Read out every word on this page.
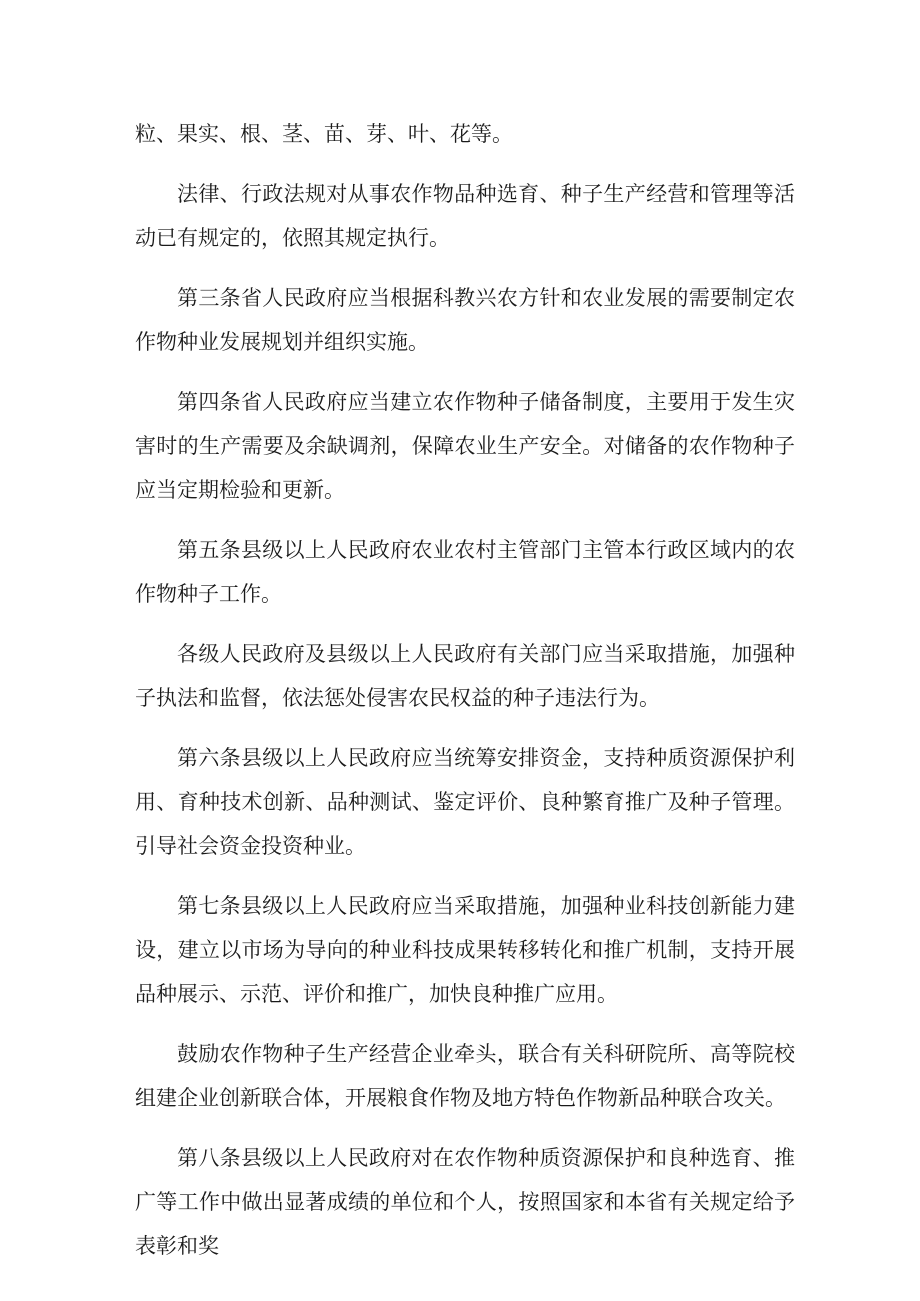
粒、果实、根、茎、苗、芽、叶、花等。

法律、行政法规对从事农作物品种选育、种子生产经营和管理等活动已有规定的，依照其规定执行。

第三条省人民政府应当根据科教兴农方针和农业发展的需要制定农作物种业发展规划并组织实施。

第四条省人民政府应当建立农作物种子储备制度，主要用于发生灾害时的生产需要及余缺调剂，保障农业生产安全。对储备的农作物种子应当定期检验和更新。

第五条县级以上人民政府农业农村主管部门主管本行政区域内的农作物种子工作。

各级人民政府及县级以上人民政府有关部门应当采取措施，加强种子执法和监督，依法惩处侵害农民权益的种子违法行为。

第六条县级以上人民政府应当统筹安排资金，支持种质资源保护利用、育种技术创新、品种测试、鉴定评价、良种繁育推广及种子管理。引导社会资金投资种业。

第七条县级以上人民政府应当采取措施，加强种业科技创新能力建设，建立以市场为导向的种业科技成果转移转化和推广机制，支持开展品种展示、示范、评价和推广，加快良种推广应用。

鼓励农作物种子生产经营企业牵头，联合有关科研院所、高等院校组建企业创新联合体，开展粮食作物及地方特色作物新品种联合攻关。

第八条县级以上人民政府对在农作物种质资源保护和良种选育、推广等工作中做出显著成绩的单位和个人，按照国家和本省有关规定给予表彰和奖
